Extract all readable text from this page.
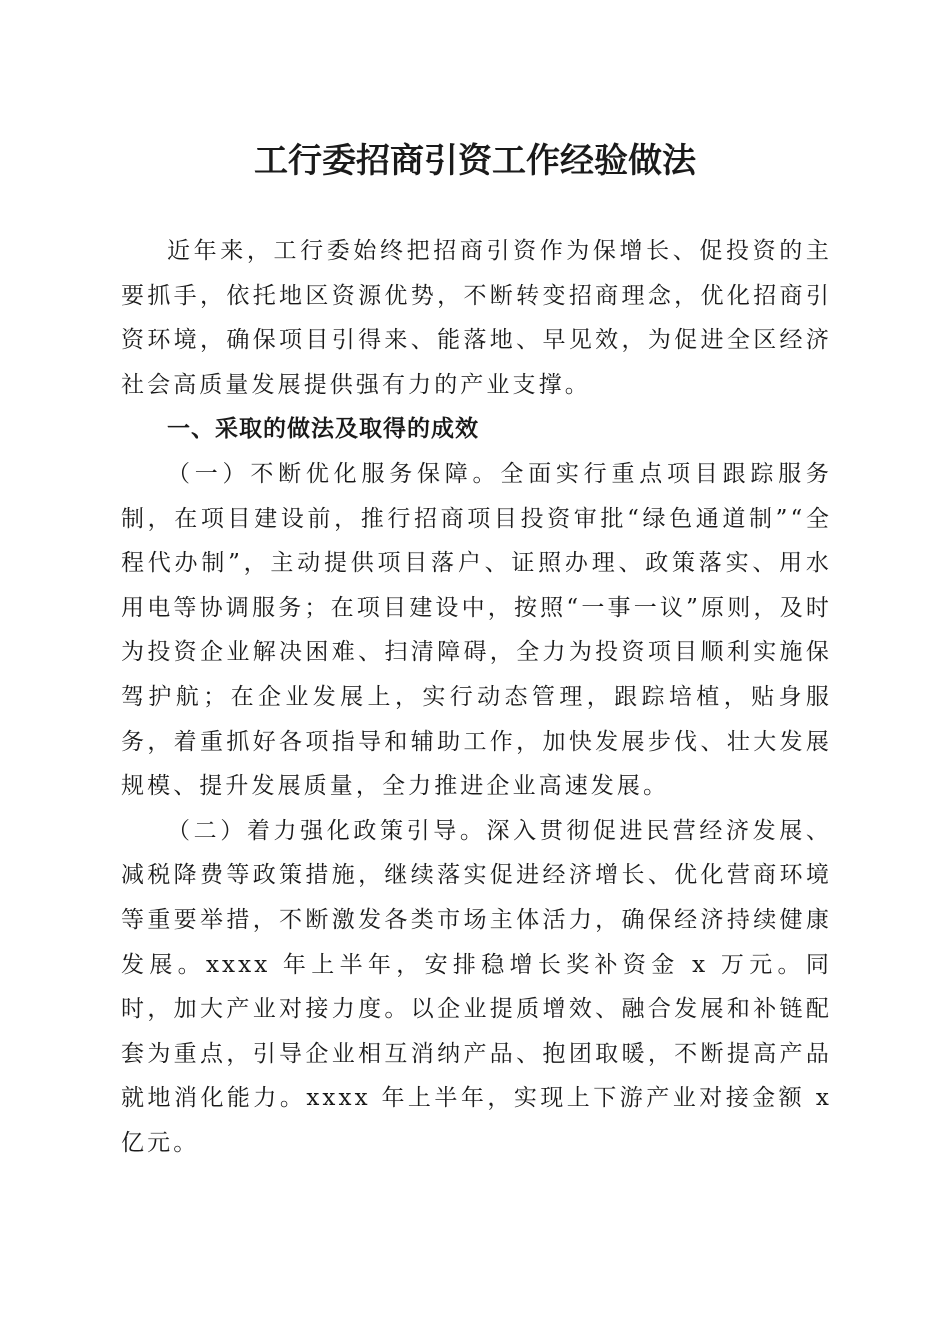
工行委招商引资工作经验做法

近年来，工行委始终把招商引资作为保增长、促投资的主要抓手，依托地区资源优势，不断转变招商理念，优化招商引资环境，确保项目引得来、能落地、早见效，为促进全区经济社会高质量发展提供强有力的产业支撑。

一、采取的做法及取得的成效

（一）不断优化服务保障。全面实行重点项目跟踪服务制，在项目建设前，推行招商项目投资审批“绿色通道制”“全程代办制”，主动提供项目落户、证照办理、政策落实、用水用电等协调服务；在项目建设中，按照“一事一议”原则，及时为投资企业解决困难、扫清障碍，全力为投资项目顺利实施保驾护航；在企业发展上，实行动态管理，跟踪培植，贴身服务，着重抓好各项指导和辅助工作，加快发展步伐、壮大发展规模、提升发展质量，全力推进企业高速发展。

（二）着力强化政策引导。深入贯彻促进民营经济发展、减税降费等政策措施，继续落实促进经济增长、优化营商环境等重要举措，不断激发各类市场主体活力，确保经济持续健康发展。xxxx 年上半年，安排稳增长奖补资金 x 万元。同时，加大产业对接力度。以企业提质增效、融合发展和补链配套为重点，引导企业相互消纳产品、抱团取暖，不断提高产品就地消化能力。xxxx 年上半年，实现上下游产业对接金额 x 亿元。
